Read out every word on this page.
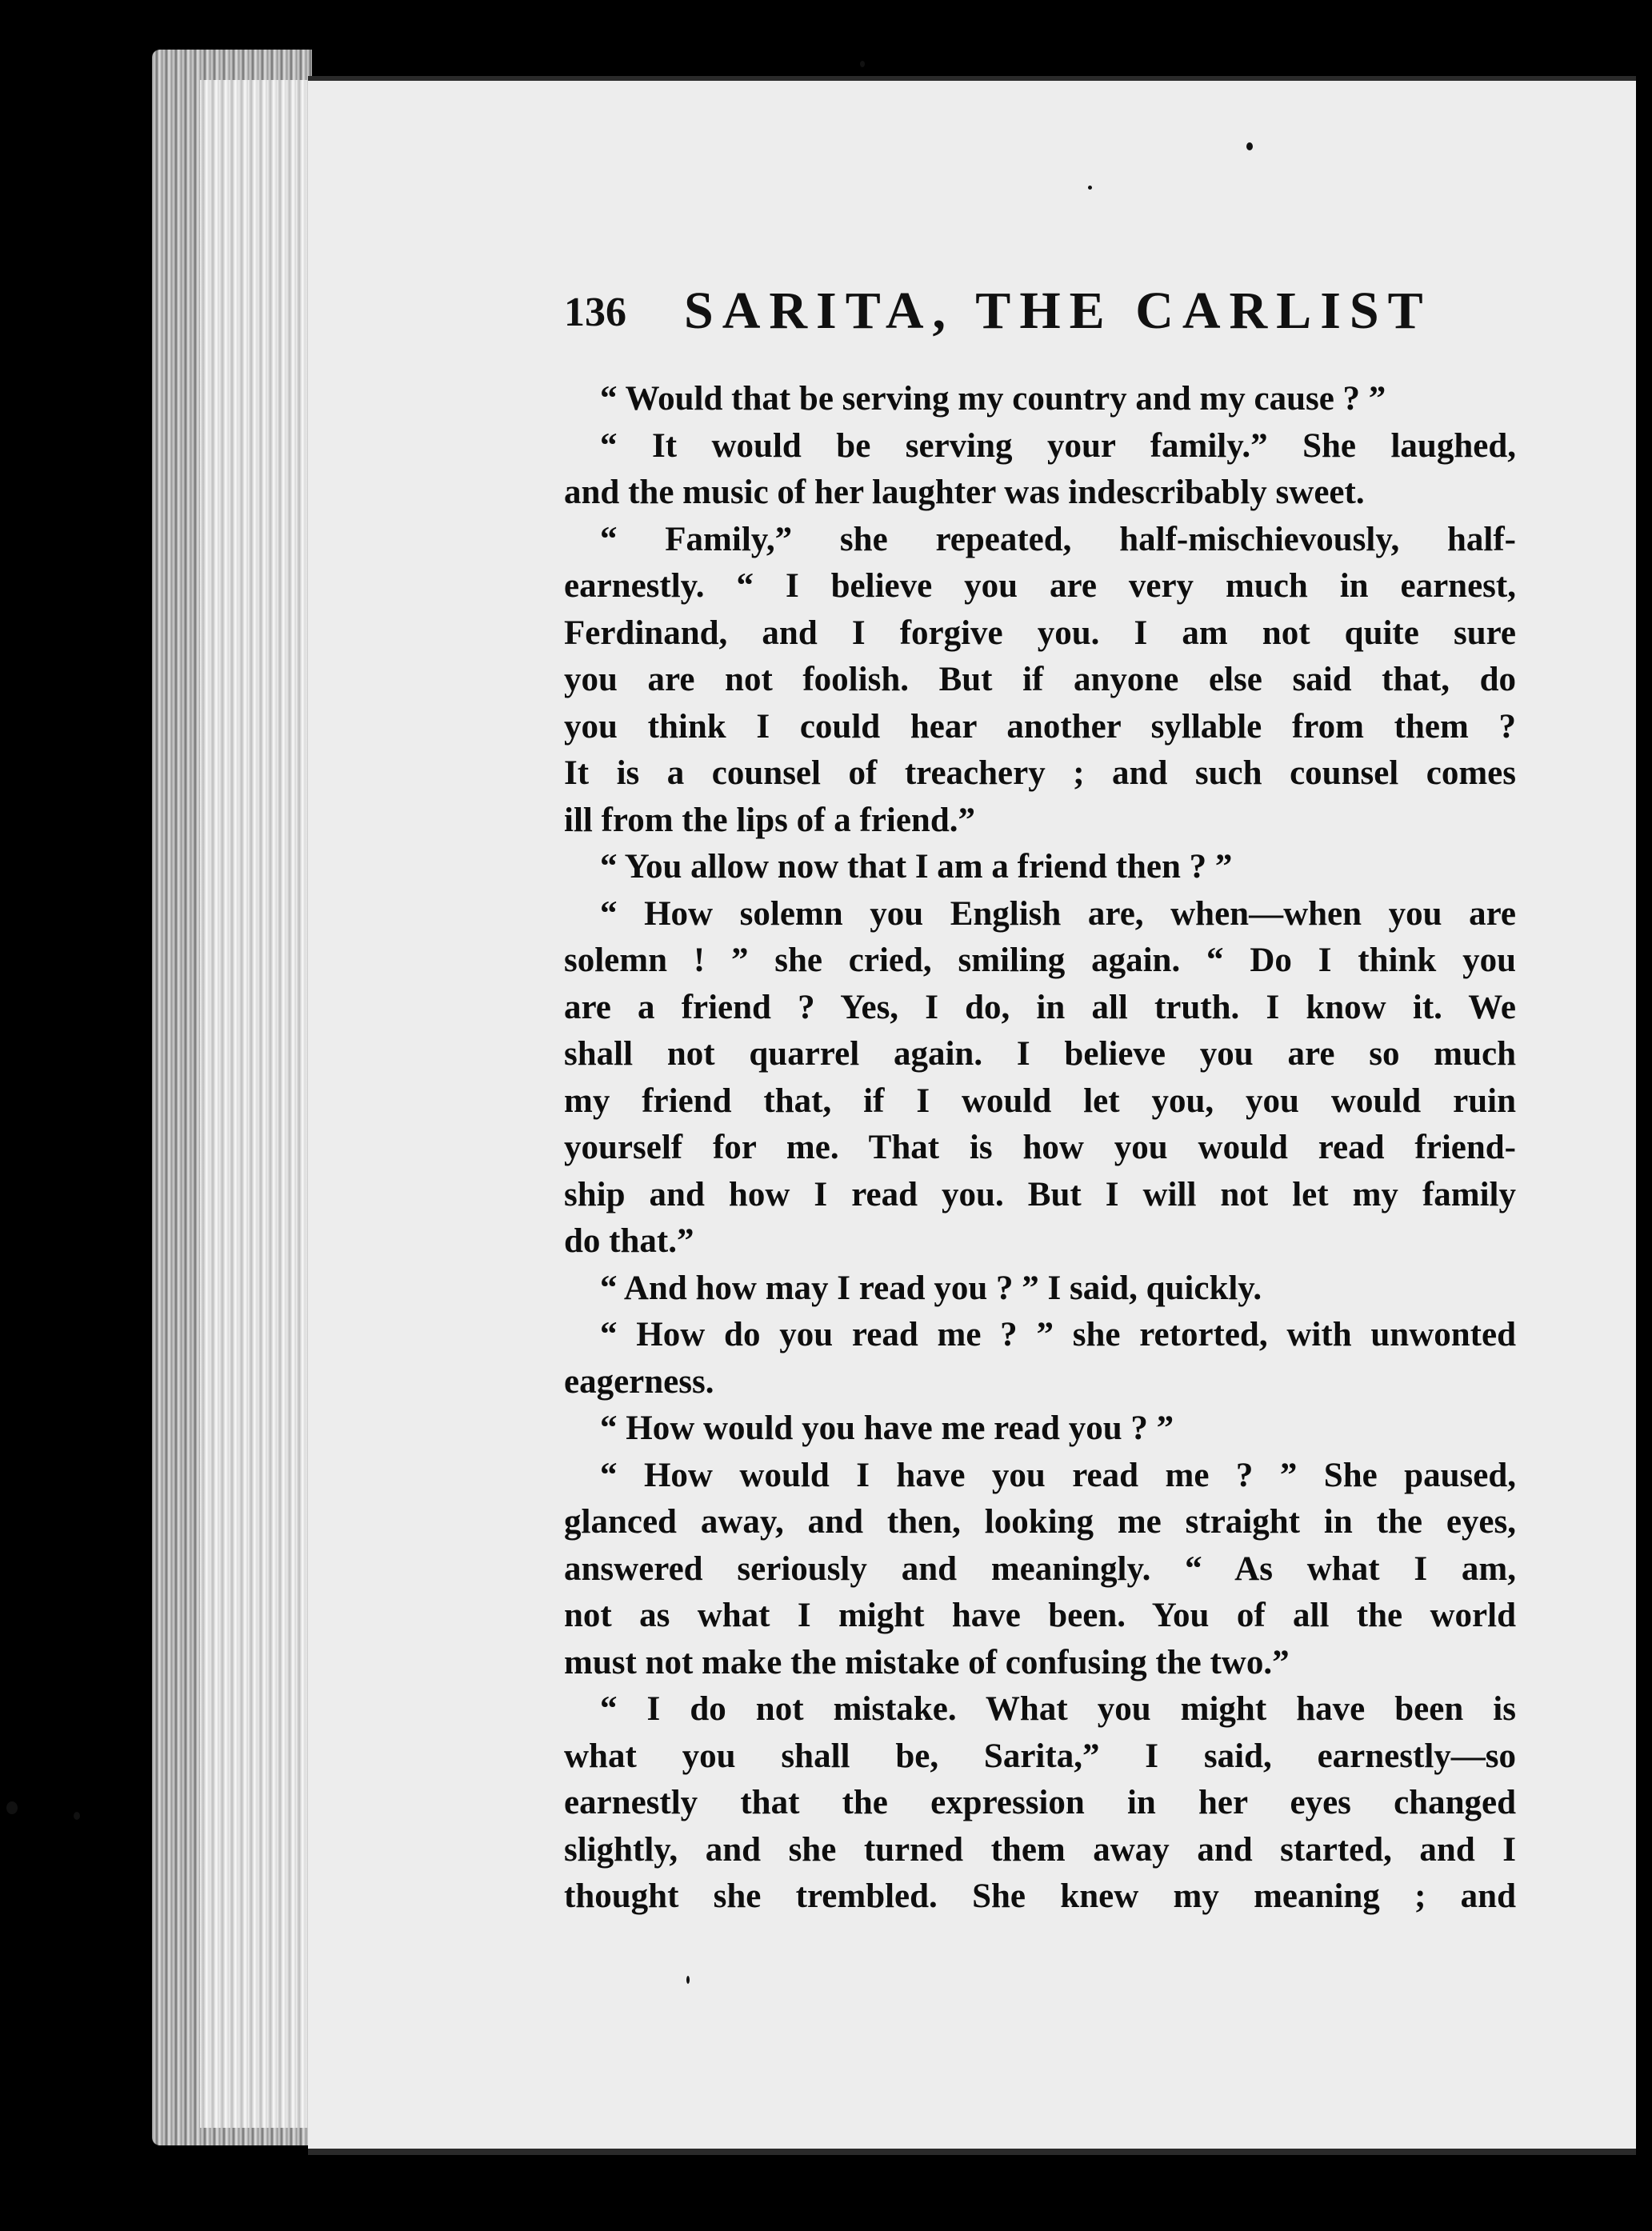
136 SARITA, THE CARLIST
“ Would that be serving my country and my cause ? ”
“ It would be serving your family.” She laughed,
and the music of her laughter was indescribably sweet.
“ Family,” she repeated, half-mischievously, half-
earnestly. “ I believe you are very much in earnest,
Ferdinand, and I forgive you. I am not quite sure
you are not foolish. But if anyone else said that, do
you think I could hear another syllable from them ?
It is a counsel of treachery ; and such counsel comes
ill from the lips of a friend.”
“ You allow now that I am a friend then ? ”
“ How solemn you English are, when—when you are
solemn ! ” she cried, smiling again. “ Do I think you
are a friend ? Yes, I do, in all truth. I know it. We
shall not quarrel again. I believe you are so much
my friend that, if I would let you, you would ruin
yourself for me. That is how you would read friend-
ship and how I read you. But I will not let my family
do that.”
“ And how may I read you ? ” I said, quickly.
“ How do you read me ? ” she retorted, with unwonted
eagerness.
“ How would you have me read you ? ”
“ How would I have you read me ? ” She paused,
glanced away, and then, looking me straight in the eyes,
answered seriously and meaningly. “ As what I am,
not as what I might have been. You of all the world
must not make the mistake of confusing the two.”
“ I do not mistake. What you might have been is
what you shall be, Sarita,” I said, earnestly—so
earnestly that the expression in her eyes changed
slightly, and she turned them away and started, and I
thought she trembled. She knew my meaning ; and
